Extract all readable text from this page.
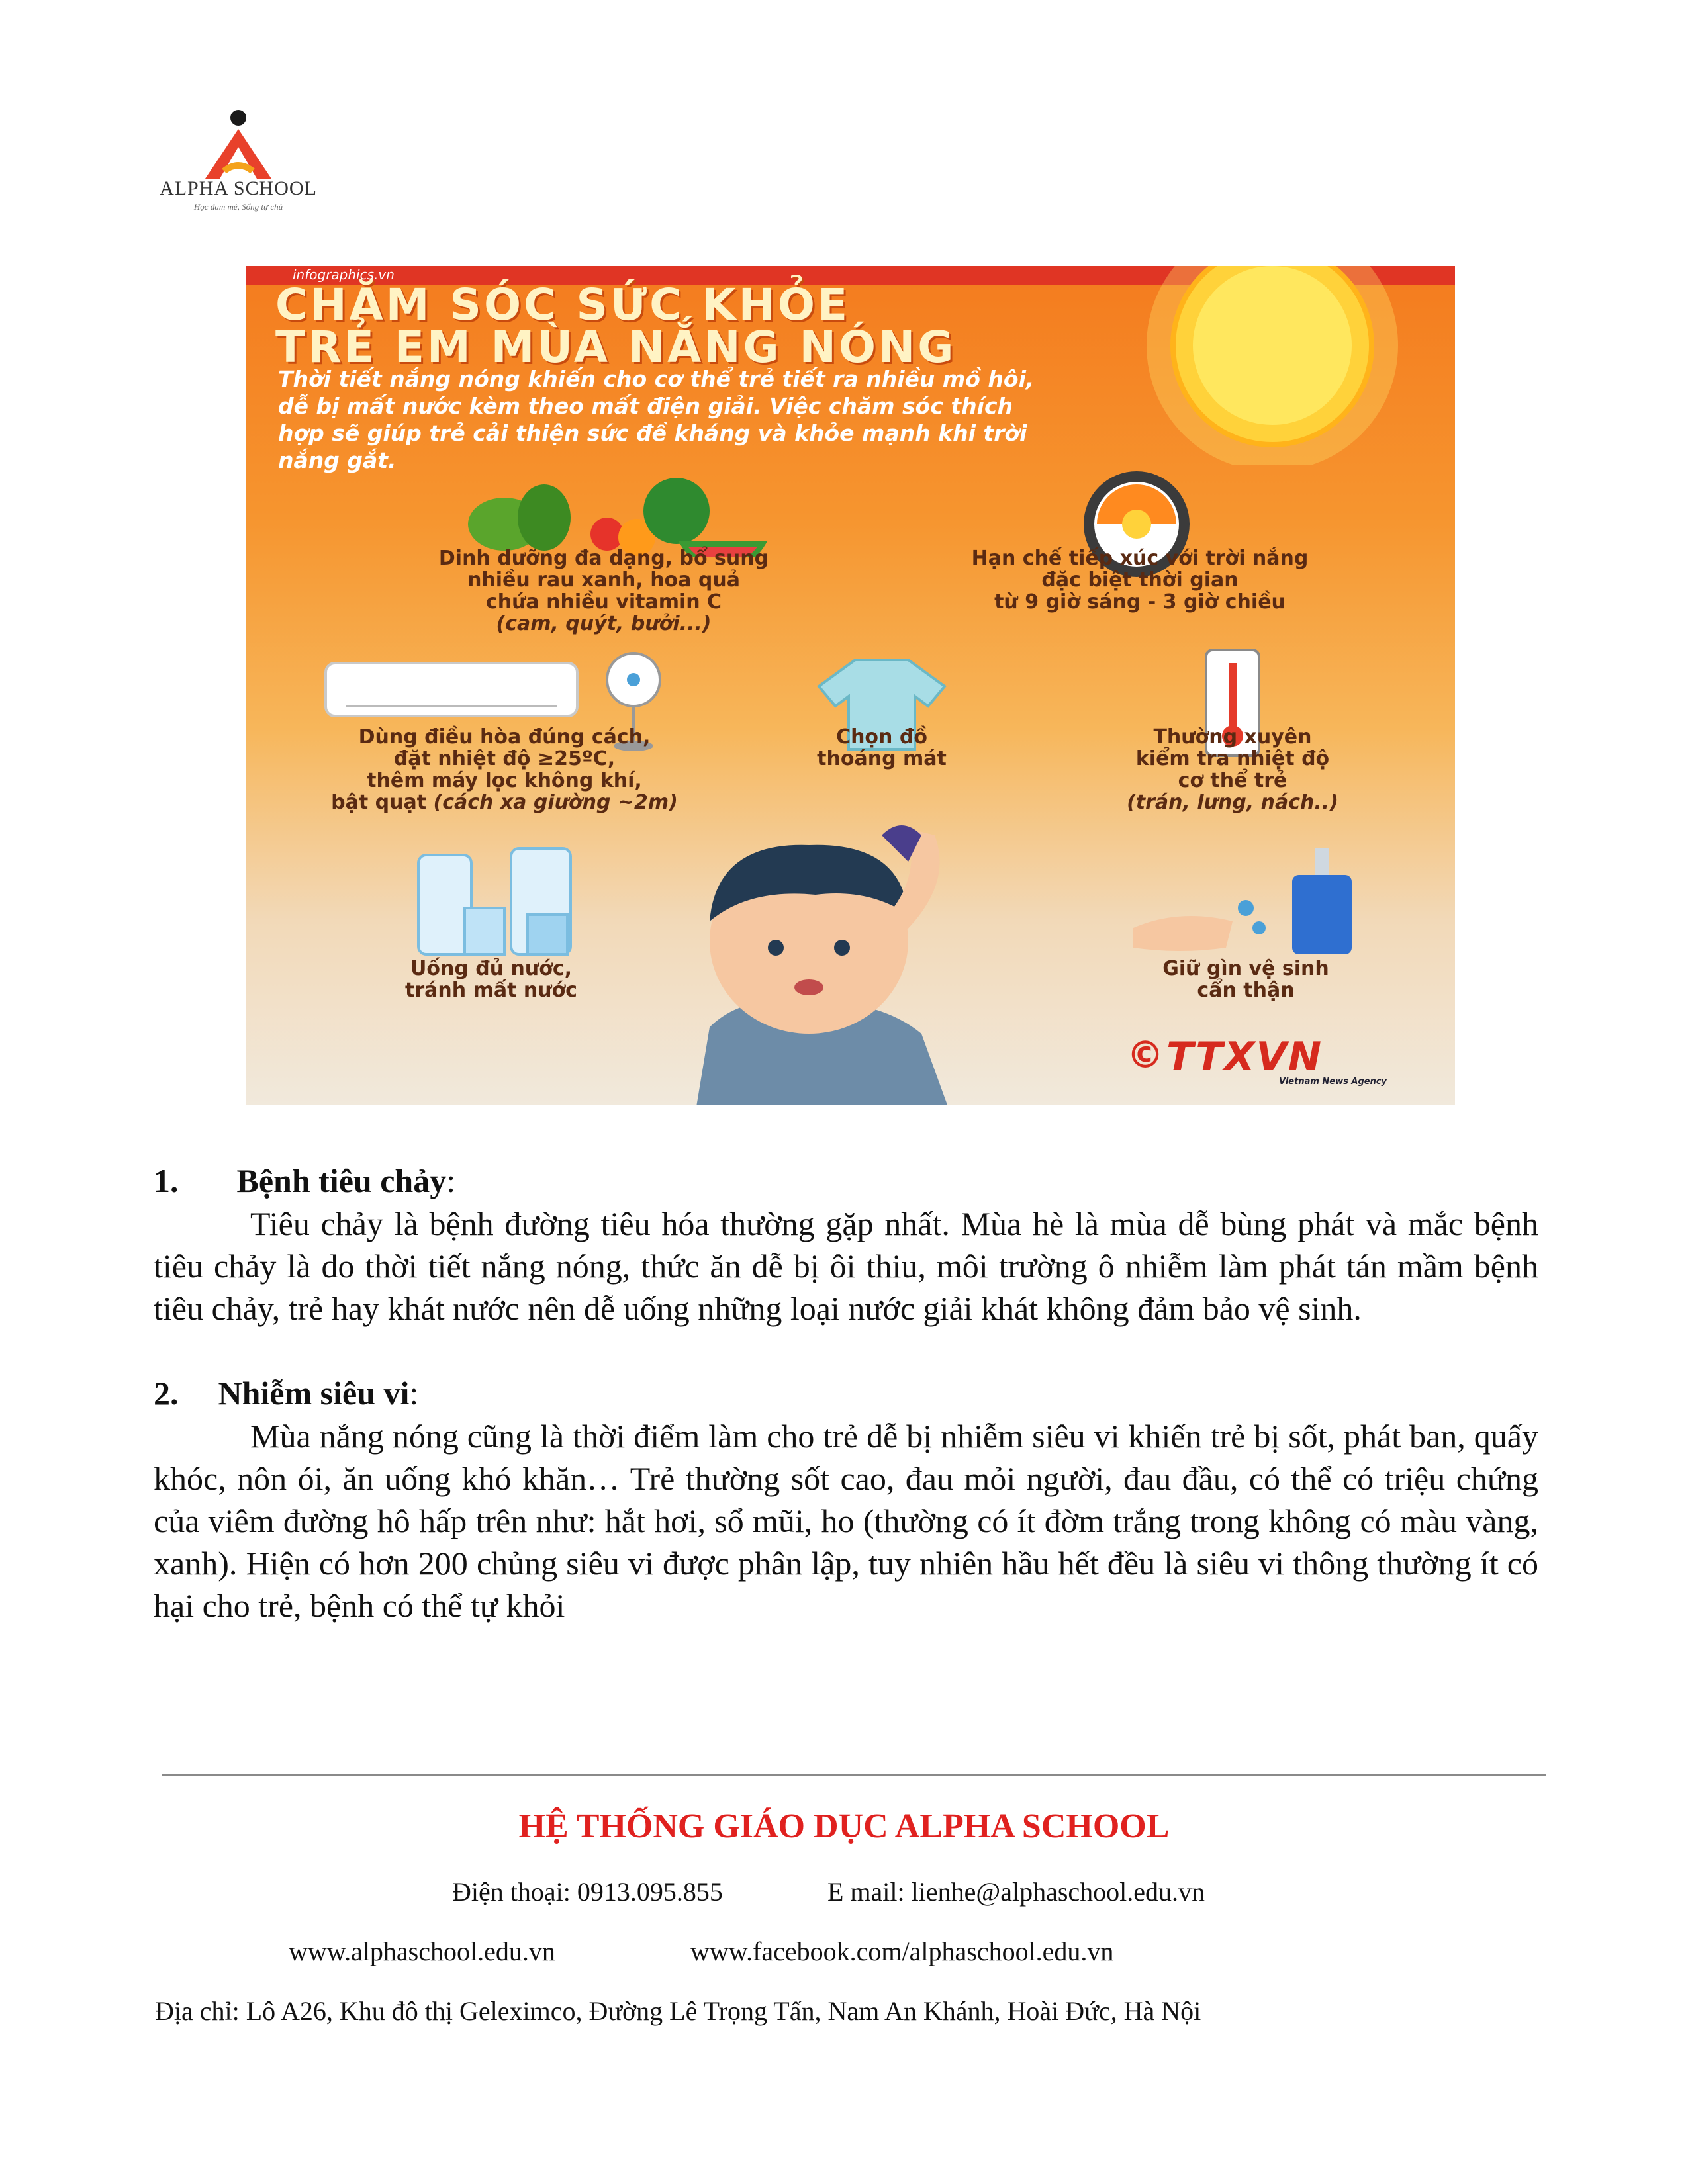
ALPHA SCHOOL
Học đam mê, Sống tự chủ
CHĂM SÓC SỨC KHỎE
TRẺ EM MÙA NẮNG NÓNG
Thời tiết nắng nóng khiến cho cơ thể trẻ tiết ra nhiều mồ hôi, dễ bị mất nước kèm theo mất điện giải. Việc chăm sóc thích hợp sẽ giúp trẻ cải thiện sức đề kháng và khỏe mạnh khi trời nắng gắt.
Dinh dưỡng đa dạng, bổ sung
nhiều rau xanh, hoa quả
chứa nhiều vitamin C
(cam, quýt, bưởi...)
Hạn chế tiếp xúc với trời nắng
đặc biệt thời gian
từ 9 giờ sáng - 3 giờ chiều
Dùng điều hòa đúng cách,
đặt nhiệt độ ≥25ºC,
thêm máy lọc không khí,
bật quạt (cách xa giường ~2m)
Chọn đồ
thoáng mát
Thường xuyên
kiểm tra nhiệt độ
cơ thể trẻ
(trán, lưng, nách..)
Uống đủ nước,
tránh mất nước
Giữ gìn vệ sinh
cẩn thận
© TTXVN
Vietnam News Agency
infographics.vn
1. Bệnh tiêu chảy:
Tiêu chảy là bệnh đường tiêu hóa thường gặp nhất. Mùa hè là mùa dễ bùng phát và mắc bệnh tiêu chảy là do thời tiết nắng nóng, thức ăn dễ bị ôi thiu, môi trường ô nhiễm làm phát tán mầm bệnh tiêu chảy, trẻ hay khát nước nên dễ uống những loại nước giải khát không đảm bảo vệ sinh.
2. Nhiễm siêu vi:
Mùa nắng nóng cũng là thời điểm làm cho trẻ dễ bị nhiễm siêu vi khiến trẻ bị sốt, phát ban, quấy khóc, nôn ói, ăn uống khó khăn… Trẻ thường sốt cao, đau mỏi người, đau đầu, có thể có triệu chứng của viêm đường hô hấp trên như: hắt hơi, sổ mũi, ho (thường có ít đờm trắng trong không có màu vàng, xanh). Hiện có hơn 200 chủng siêu vi được phân lập, tuy nhiên hầu hết đều là siêu vi thông thường ít có hại cho trẻ, bệnh có thể tự khỏi
HỆ THỐNG GIÁO DỤC ALPHA SCHOOL
Điện thoại: 0913.095.855	E mail: lienhe@alphaschool.edu.vn
www.alphaschool.edu.vn	www.facebook.com/alphaschool.edu.vn
Địa chỉ: Lô A26, Khu đô thị Geleximco, Đường Lê Trọng Tấn, Nam An Khánh, Hoài Đức, Hà Nội
